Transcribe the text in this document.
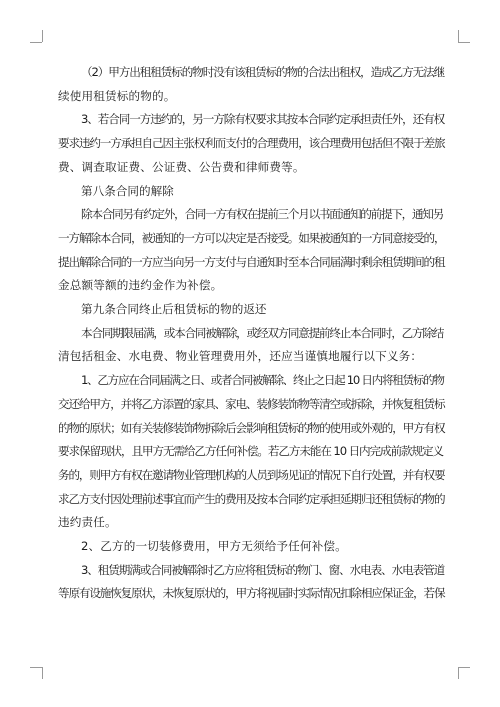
（2）甲方出租租赁标的物时没有该租赁标的物的合法出租权，造成乙方无法继
续使用租赁标的物的。

3、若合同一方违约的，另一方除有权要求其按本合同约定承担责任外，还有权
要求违约一方承担自己因主张权利而支付的合理费用，该合理费用包括但不限于差旅
费、调查取证费、公证费、公告费和律师费等。

第八条合同的解除

除本合同另有约定外，合同一方有权在提前三个月以书面通知的前提下，通知另
一方解除本合同，被通知的一方可以决定是否接受。如果被通知的一方同意接受的，
提出解除合同的一方应当向另一方支付与自通知时至本合同届满时剩余租赁期间的租
金总额等额的违约金作为补偿。

第九条合同终止后租赁标的物的返还

本合同期限届满，或本合同被解除，或经双方同意提前终止本合同时，乙方除结
清包括租金、水电费、物业管理费用外，还应当谨慎地履行以下义务：

1、乙方应在合同届满之日、或者合同被解除、终止之日起 10 日内将租赁标的物
交还给甲方，并将乙方添置的家具、家电、装修装饰物等清空或拆除，并恢复租赁标
的物的原状；如有关装修装饰物拆除后会影响租赁标的物的使用或外观的，甲方有权
要求保留现状，且甲方无需给乙方任何补偿。若乙方未能在 10 日内完成前款规定义
务的，则甲方有权在邀请物业管理机构的人员到场见证的情况下自行处置，并有权要
求乙方支付因处理前述事宜而产生的费用及按本合同约定承担延期归还租赁标的物的
违约责任。

2、乙方的一切装修费用，甲方无须给予任何补偿。

3、租赁期满或合同被解除时乙方应将租赁标的物门、窗、水电表、水电表管道
等原有设施恢复原状，未恢复原状的，甲方将视届时实际情况扣除相应保证金，若保
